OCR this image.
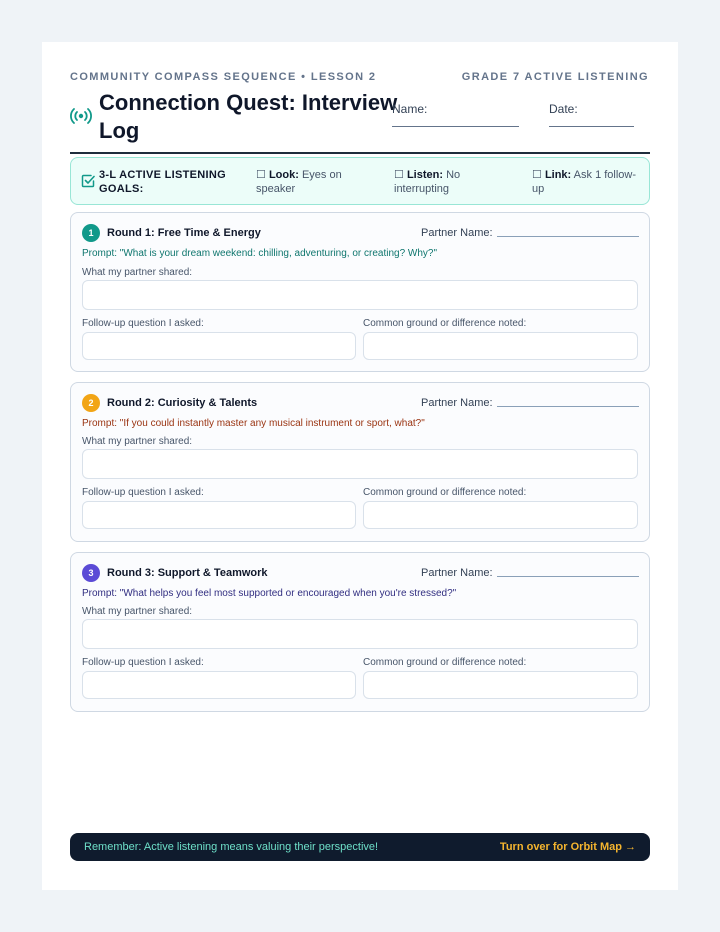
COMMUNITY COMPASS SEQUENCE • LESSON 2	GRADE 7 ACTIVE LISTENING
Connection Quest: Interview Log
Name:	Date:
3-L ACTIVE LISTENING GOALS:
☐ Look: Eyes on speaker
☐ Listen: No interrupting
☐ Link: Ask 1 follow-up
1	Round 1: Free Time & Energy	Partner Name:
Prompt: "What is your dream weekend: chilling, adventuring, or creating? Why?"
What my partner shared:
Follow-up question I asked:	Common ground or difference noted:
2	Round 2: Curiosity & Talents	Partner Name:
Prompt: "If you could instantly master any musical instrument or sport, what?"
What my partner shared:
Follow-up question I asked:	Common ground or difference noted:
3	Round 3: Support & Teamwork	Partner Name:
Prompt: "What helps you feel most supported or encouraged when you're stressed?"
What my partner shared:
Follow-up question I asked:	Common ground or difference noted:
Remember: Active listening means valuing their perspective!	Turn over for Orbit Map →
